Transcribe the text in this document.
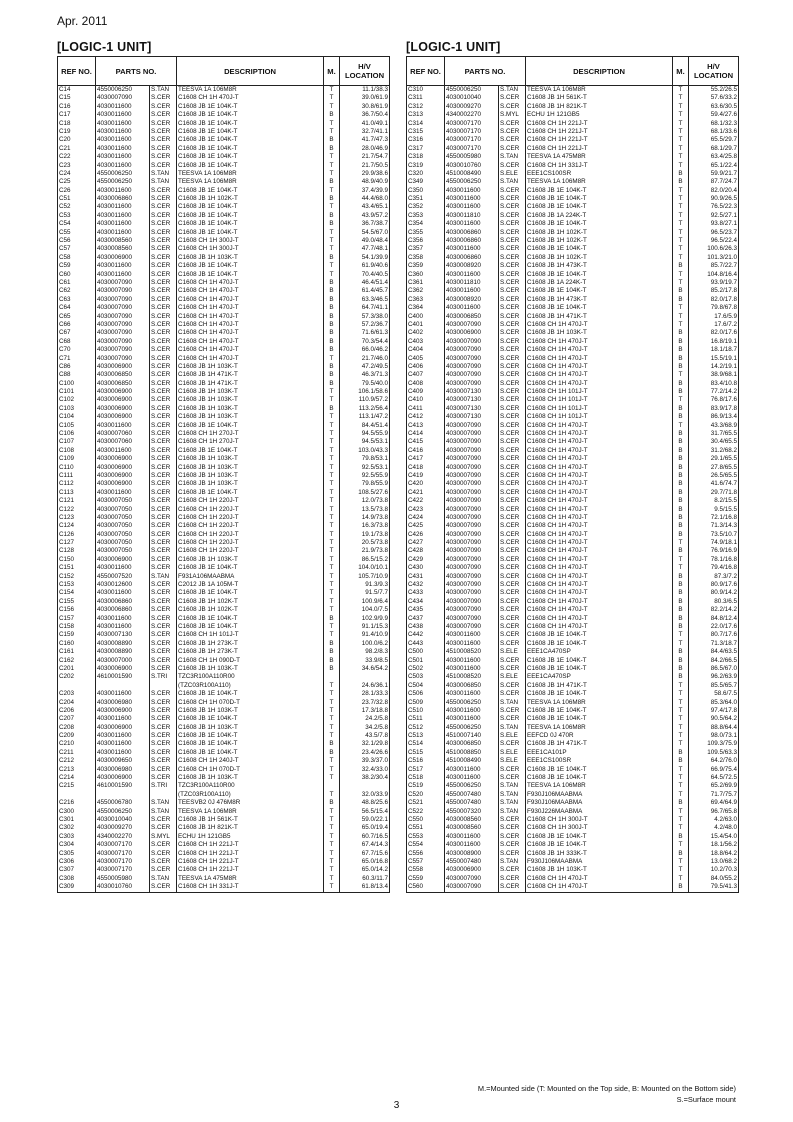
Apr. 2011
[LOGIC-1 UNIT]	[LOGIC-1 UNIT]
REF NO.	PARTS NO.		DESCRIPTION	M.	H/V LOCATION
C14	4550006250	S.TAN	TEESVA 1A 106M8R	T	11.1/38.3
C15	4030007090	S.CER	C1608 CH 1H 470J-T	T	39.0/61.9
C16	4030011600	S.CER	C1608 JB 1E 104K-T	T	30.8/61.9
C17	4030011600	S.CER	C1608 JB 1E 104K-T	B	36.7/50.4
C18	4030011600	S.CER	C1608 JB 1E 104K-T	T	41.0/49.1
C19	4030011600	S.CER	C1608 JB 1E 104K-T	T	32.7/41.1
C20	4030011600	S.CER	C1608 JB 1E 104K-T	B	41.7/47.3
C21	4030011600	S.CER	C1608 JB 1E 104K-T	B	28.0/46.9
C22	4030011600	S.CER	C1608 JB 1E 104K-T	T	21.7/54.7
C23	4030011600	S.CER	C1608 JB 1E 104K-T	T	21.7/50.5
C24	4550006250	S.TAN	TEESVA 1A 106M8R	T	29.9/38.6
C25	4550006250	S.TAN	TEESVA 1A 106M8R	B	48.9/40.9
C26	4030011600	S.CER	C1608 JB 1E 104K-T	T	37.4/39.9
C51	4030006860	S.CER	C1608 JB 1H 102K-T	B	44.4/68.0
C52	4030011600	S.CER	C1608 JB 1E 104K-T	T	43.4/65.1
C53	4030011600	S.CER	C1608 JB 1E 104K-T	B	43.9/57.2
C54	4030011600	S.CER	C1608 JB 1E 104K-T	B	36.7/38.7
C55	4030011600	S.CER	C1608 JB 1E 104K-T	T	54.5/67.0
C56	4030008560	S.CER	C1608 CH 1H 300J-T	T	49.0/48.4
C57	4030008560	S.CER	C1608 CH 1H 300J-T	T	47.7/48.1
C58	4030006900	S.CER	C1608 JB 1H 103K-T	B	54.1/39.9
C59	4030011600	S.CER	C1608 JB 1E 104K-T	T	61.9/40.6
C60	4030011600	S.CER	C1608 JB 1E 104K-T	T	70.4/40.5
C61	4030007090	S.CER	C1608 CH 1H 470J-T	B	46.4/51.4
C62	4030007090	S.CER	C1608 CH 1H 470J-T	B	61.4/45.7
C63	4030007090	S.CER	C1608 CH 1H 470J-T	B	63.3/46.5
C64	4030007090	S.CER	C1608 CH 1H 470J-T	B	64.7/41.1
C65	4030007090	S.CER	C1608 CH 1H 470J-T	B	57.3/38.0
C66	4030007090	S.CER	C1608 CH 1H 470J-T	B	57.2/36.7
C67	4030007090	S.CER	C1608 CH 1H 470J-T	B	71.6/61.3
C68	4030007090	S.CER	C1608 CH 1H 470J-T	B	70.3/54.4
C70	4030007090	S.CER	C1608 CH 1H 470J-T	B	66.0/46.2
C71	4030007090	S.CER	C1608 CH 1H 470J-T	T	21.7/46.0
C86	4030006900	S.CER	C1608 JB 1H 103K-T	B	47.2/49.5
C88	4030006850	S.CER	C1608 JB 1H 471K-T	B	46.3/71.3
C100	4030006850	S.CER	C1608 JB 1H 471K-T	B	79.5/40.0
C101	4030006900	S.CER	C1608 JB 1H 103K-T	T	106.1/58.6
C102	4030006900	S.CER	C1608 JB 1H 103K-T	T	110.9/57.2
C103	4030006900	S.CER	C1608 JB 1H 103K-T	B	113.2/56.4
C104	4030006900	S.CER	C1608 JB 1H 103K-T	T	113.1/47.2
C105	4030011600	S.CER	C1608 JB 1E 104K-T	T	84.4/51.4
C106	4030007060	S.CER	C1608 CH 1H 270J-T	T	94.5/55.9
C107	4030007060	S.CER	C1608 CH 1H 270J-T	T	94.5/53.1
C108	4030011600	S.CER	C1608 JB 1E 104K-T	T	103.0/43.3
C109	4030006900	S.CER	C1608 JB 1H 103K-T	T	79.8/53.1
C110	4030006900	S.CER	C1608 JB 1H 103K-T	T	92.5/53.1
C111	4030006900	S.CER	C1608 JB 1H 103K-T	T	92.5/55.9
C112	4030006900	S.CER	C1608 JB 1H 103K-T	T	79.8/55.9
C113	4030011600	S.CER	C1608 JB 1E 104K-T	T	108.5/27.6
C121	4030007050	S.CER	C1608 CH 1H 220J-T	T	12.0/73.8
C122	4030007050	S.CER	C1608 CH 1H 220J-T	T	13.5/73.8
C123	4030007050	S.CER	C1608 CH 1H 220J-T	T	14.9/73.8
C124	4030007050	S.CER	C1608 CH 1H 220J-T	T	16.3/73.8
C126	4030007050	S.CER	C1608 CH 1H 220J-T	T	19.1/73.8
C127	4030007050	S.CER	C1608 CH 1H 220J-T	T	20.5/73.8
C128	4030007050	S.CER	C1608 CH 1H 220J-T	T	21.9/73.8
C150	4030006900	S.CER	C1608 JB 1H 103K-T	T	86.5/15.2
C151	4030011600	S.CER	C1608 JB 1E 104K-T	T	104.0/10.1
C152	4550007520	S.TAN	F931A106MAABMA	T	105.7/10.9
C153	4030012600	S.CER	C2012 JB 1A 105M-T	T	91.3/9.3
C154	4030011600	S.CER	C1608 JB 1E 104K-T	T	91.5/7.7
C155	4030006860	S.CER	C1608 JB 1H 102K-T	T	100.9/6.4
C156	4030006860	S.CER	C1608 JB 1H 102K-T	T	104.0/7.5
C157	4030011600	S.CER	C1608 JB 1E 104K-T	B	102.9/9.9
C158	4030011600	S.CER	C1608 JB 1E 104K-T	T	91.1/15.3
C159	4030007130	S.CER	C1608 CH 1H 101J-T	T	91.4/10.9
C160	4030008890	S.CER	C1608 JB 1H 273K-T	B	100.0/6.2
C161	4030008890	S.CER	C1608 JB 1H 273K-T	B	98.2/8.3
C162	4030007000	S.CER	C1608 CH 1H 090D-T	B	33.9/8.5
C201	4030006900	S.CER	C1608 JB 1H 103K-T	B	34.6/54.2
C202	4610001590	S.TRI	TZC3R100A110R00		
			(TZC03R100A110)	T	24.6/36.1
C203	4030011600	S.CER	C1608 JB 1E 104K-T	T	28.1/33.3
C204	4030006980	S.CER	C1608 CH 1H 070D-T	T	23.7/32.8
C206	4030006900	S.CER	C1608 JB 1H 103K-T	T	17.3/18.8
C207	4030011600	S.CER	C1608 JB 1E 104K-T	T	24.2/5.8
C208	4030006900	S.CER	C1608 JB 1H 103K-T	T	34.2/5.8
C209	4030011600	S.CER	C1608 JB 1E 104K-T	T	43.5/7.8
C210	4030011600	S.CER	C1608 JB 1E 104K-T	B	32.1/29.8
C211	4030011600	S.CER	C1608 JB 1E 104K-T	B	23.4/26.6
C212	4030009650	S.CER	C1608 CH 1H 240J-T	T	39.3/37.0
C213	4030006980	S.CER	C1608 CH 1H 070D-T	T	32.4/33.0
C214	4030006900	S.CER	C1608 JB 1H 103K-T	T	38.2/30.4
C215	4610001590	S.TRI	TZC3R100A110R00		
			(TZC03R100A110)	T	32.0/33.9
C216	4550006780	S.TAN	TEESVB2 0J 476M8R	B	48.8/25.6
C300	4550006250	S.TAN	TEESVA 1A 106M8R	T	56.5/15.4
C301	4030010040	S.CER	C1608 JB 1H 561K-T	T	59.0/22.1
C302	4030009270	S.CER	C1608 JB 1H 821K-T	T	65.0/19.4
C303	4340002270	S.MYL	ECHU 1H 121GB5	T	60.7/16.5
C304	4030007170	S.CER	C1608 CH 1H 221J-T	T	67.4/14.3
C305	4030007170	S.CER	C1608 CH 1H 221J-T	T	67.7/15.6
C306	4030007170	S.CER	C1608 CH 1H 221J-T	T	65.0/16.8
C307	4030007170	S.CER	C1608 CH 1H 221J-T	T	65.0/14.2
C308	4550005980	S.TAN	TEESVA 1A 475M8R	T	60.3/11.7
C309	4030010760	S.CER	C1608 CH 1H 331J-T	T	61.8/13.4
REF NO.	PARTS NO.		DESCRIPTION	M.	H/V LOCATION
C310	4550006250	S.TAN	TEESVA 1A 106M8R	T	55.2/26.5
C311	4030010040	S.CER	C1608 JB 1H 561K-T	T	57.6/33.2
C312	4030009270	S.CER	C1608 JB 1H 821K-T	T	63.6/30.5
C313	4340002270	S.MYL	ECHU 1H 121GB5	T	59.4/27.6
C314	4030007170	S.CER	C1608 CH 1H 221J-T	T	68.1/32.3
C315	4030007170	S.CER	C1608 CH 1H 221J-T	T	68.1/33.6
C316	4030007170	S.CER	C1608 CH 1H 221J-T	T	65.5/29.7
C317	4030007170	S.CER	C1608 CH 1H 221J-T	T	68.1/29.7
C318	4550005980	S.TAN	TEESVA 1A 475M8R	T	63.4/25.8
C319	4030010760	S.CER	C1608 CH 1H 331J-T	T	65.1/22.4
C320	4510008490	S.ELE	EEE1CS100SR	B	59.9/21.7
C349	4550006250	S.TAN	TEESVA 1A 106M8R	B	87.7/24.7
C350	4030011600	S.CER	C1608 JB 1E 104K-T	T	82.0/20.4
C351	4030011600	S.CER	C1608 JB 1E 104K-T	T	90.9/26.5
C352	4030011600	S.CER	C1608 JB 1E 104K-T	T	76.5/22.3
C353	4030011810	S.CER	C1608 JB 1A 224K-T	T	92.5/27.1
C354	4030011600	S.CER	C1608 JB 1E 104K-T	T	93.8/27.1
C355	4030006860	S.CER	C1608 JB 1H 102K-T	T	96.5/23.7
C356	4030006860	S.CER	C1608 JB 1H 102K-T	T	96.5/22.4
C357	4030011600	S.CER	C1608 JB 1E 104K-T	T	100.6/26.3
C358	4030006860	S.CER	C1608 JB 1H 102K-T	T	101.3/21.0
C359	4030008920	S.CER	C1608 JB 1H 473K-T	B	85.7/22.7
C360	4030011600	S.CER	C1608 JB 1E 104K-T	T	104.8/16.4
C361	4030011810	S.CER	C1608 JB 1A 224K-T	T	93.9/19.7
C362	4030011600	S.CER	C1608 JB 1E 104K-T	B	85.2/17.8
C363	4030008920	S.CER	C1608 JB 1H 473K-T	B	82.0/17.8
C364	4030011600	S.CER	C1608 JB 1E 104K-T	T	79.8/67.8
C400	4030006850	S.CER	C1608 JB 1H 471K-T	T	17.6/5.9
C401	4030007090	S.CER	C1608 CH 1H 470J-T	T	17.6/7.2
C402	4030006900	S.CER	C1608 JB 1H 103K-T	B	82.0/17.6
C403	4030007090	S.CER	C1608 CH 1H 470J-T	B	16.8/19.1
C404	4030007090	S.CER	C1608 CH 1H 470J-T	B	18.1/18.7
C405	4030007090	S.CER	C1608 CH 1H 470J-T	B	15.5/19.1
C406	4030007090	S.CER	C1608 CH 1H 470J-T	B	14.2/19.1
C407	4030007090	S.CER	C1608 CH 1H 470J-T	T	38.9/68.1
C408	4030007090	S.CER	C1608 CH 1H 470J-T	B	83.4/10.8
C409	4030007130	S.CER	C1608 CH 1H 101J-T	B	77.2/14.2
C410	4030007130	S.CER	C1608 CH 1H 101J-T	T	76.8/17.6
C411	4030007130	S.CER	C1608 CH 1H 101J-T	B	83.9/17.8
C412	4030007130	S.CER	C1608 CH 1H 101J-T	B	86.9/13.4
C413	4030007090	S.CER	C1608 CH 1H 470J-T	T	43.3/68.9
C414	4030007090	S.CER	C1608 CH 1H 470J-T	B	31.7/65.5
C415	4030007090	S.CER	C1608 CH 1H 470J-T	B	30.4/65.5
C416	4030007090	S.CER	C1608 CH 1H 470J-T	B	31.2/68.2
C417	4030007090	S.CER	C1608 CH 1H 470J-T	B	29.1/65.5
C418	4030007090	S.CER	C1608 CH 1H 470J-T	B	27.8/65.5
C419	4030007090	S.CER	C1608 CH 1H 470J-T	B	26.5/65.5
C420	4030007090	S.CER	C1608 CH 1H 470J-T	B	41.6/74.7
C421	4030007090	S.CER	C1608 CH 1H 470J-T	B	29.7/71.8
C422	4030007090	S.CER	C1608 CH 1H 470J-T	B	8.2/15.5
C423	4030007090	S.CER	C1608 CH 1H 470J-T	B	9.5/15.5
C424	4030007090	S.CER	C1608 CH 1H 470J-T	B	72.1/16.8
C425	4030007090	S.CER	C1608 CH 1H 470J-T	B	71.3/14.3
C426	4030007090	S.CER	C1608 CH 1H 470J-T	B	73.5/10.7
C427	4030007090	S.CER	C1608 CH 1H 470J-T	T	74.9/18.1
C428	4030007090	S.CER	C1608 CH 1H 470J-T	B	76.9/16.9
C429	4030007090	S.CER	C1608 CH 1H 470J-T	T	78.1/16.8
C430	4030007090	S.CER	C1608 CH 1H 470J-T	T	79.4/16.8
C431	4030007090	S.CER	C1608 CH 1H 470J-T	B	87.3/7.2
C432	4030007090	S.CER	C1608 CH 1H 470J-T	B	80.9/17.6
C433	4030007090	S.CER	C1608 CH 1H 470J-T	B	80.9/14.2
C434	4030007090	S.CER	C1608 CH 1H 470J-T	B	80.3/6.5
C435	4030007090	S.CER	C1608 CH 1H 470J-T	B	82.2/14.2
C437	4030007090	S.CER	C1608 CH 1H 470J-T	B	84.8/12.4
C438	4030007090	S.CER	C1608 CH 1H 470J-T	B	22.0/17.6
C442	4030011600	S.CER	C1608 JB 1E 104K-T	T	80.7/17.6
C443	4030011600	S.CER	C1608 JB 1E 104K-T	T	71.3/18.7
C500	4510008520	S.ELE	EEE1CA470SP	B	84.4/63.5
C501	4030011600	S.CER	C1608 JB 1E 104K-T	B	84.2/66.5
C502	4030011600	S.CER	C1608 JB 1E 104K-T	B	86.5/67.0
C503	4510008520	S.ELE	EEE1CA470SP	B	96.2/63.9
C504	4030006850	S.CER	C1608 JB 1H 471K-T	T	85.5/65.7
C506	4030011600	S.CER	C1608 JB 1E 104K-T	T	58.6/7.5
C509	4550006250	S.TAN	TEESVA 1A 106M8R	T	85.3/64.0
C510	4030011600	S.CER	C1608 JB 1E 104K-T	T	97.4/17.8
C511	4030011600	S.CER	C1608 JB 1E 104K-T	T	90.5/64.2
C512	4550006250	S.TAN	TEESVA 1A 106M8R	T	88.8/64.4
C513	4510007140	S.ELE	EEFCD 0J 470R	T	98.0/73.1
C514	4030006850	S.CER	C1608 JB 1H 471K-T	T	109.3/75.9
C515	4510008850	S.ELE	EEE1CA101P	B	109.5/63.3
C516	4510008490	S.ELE	EEE1CS100SR	B	64.2/76.0
C517	4030011600	S.CER	C1608 JB 1E 104K-T	T	66.9/75.4
C518	4030011600	S.CER	C1608 JB 1E 104K-T	T	64.5/72.5
C519	4550006250	S.TAN	TEESVA 1A 106M8R	T	65.2/69.9
C520	4550007480	S.TAN	F930J106MAABMA	T	71.7/75.7
C521	4550007480	S.TAN	F930J106MAABMA	B	69.4/64.9
C522	4550007320	S.TAN	F930J226MAABMA	T	96.7/65.8
C550	4030008560	S.CER	C1608 CH 1H 300J-T	T	4.2/63.0
C551	4030008560	S.CER	C1608 CH 1H 300J-T	T	4.2/48.0
C553	4030011600	S.CER	C1608 JB 1E 104K-T	B	15.4/54.0
C554	4030011600	S.CER	C1608 JB 1E 104K-T	T	18.1/56.2
C556	4030008900	S.CER	C1608 JB 1H 333K-T	B	18.8/64.2
C557	4550007480	S.TAN	F930J106MAABMA	T	13.0/68.2
C558	4030006900	S.CER	C1608 JB 1H 103K-T	T	10.2/70.3
C559	4030007090	S.CER	C1608 CH 1H 470J-T	T	84.0/55.2
C560	4030007090	S.CER	C1608 CH 1H 470J-T	B	79.5/41.3
M.=Mounted side (T: Mounted on the Top side, B: Mounted on the Bottom side)
S.=Surface mount
3
